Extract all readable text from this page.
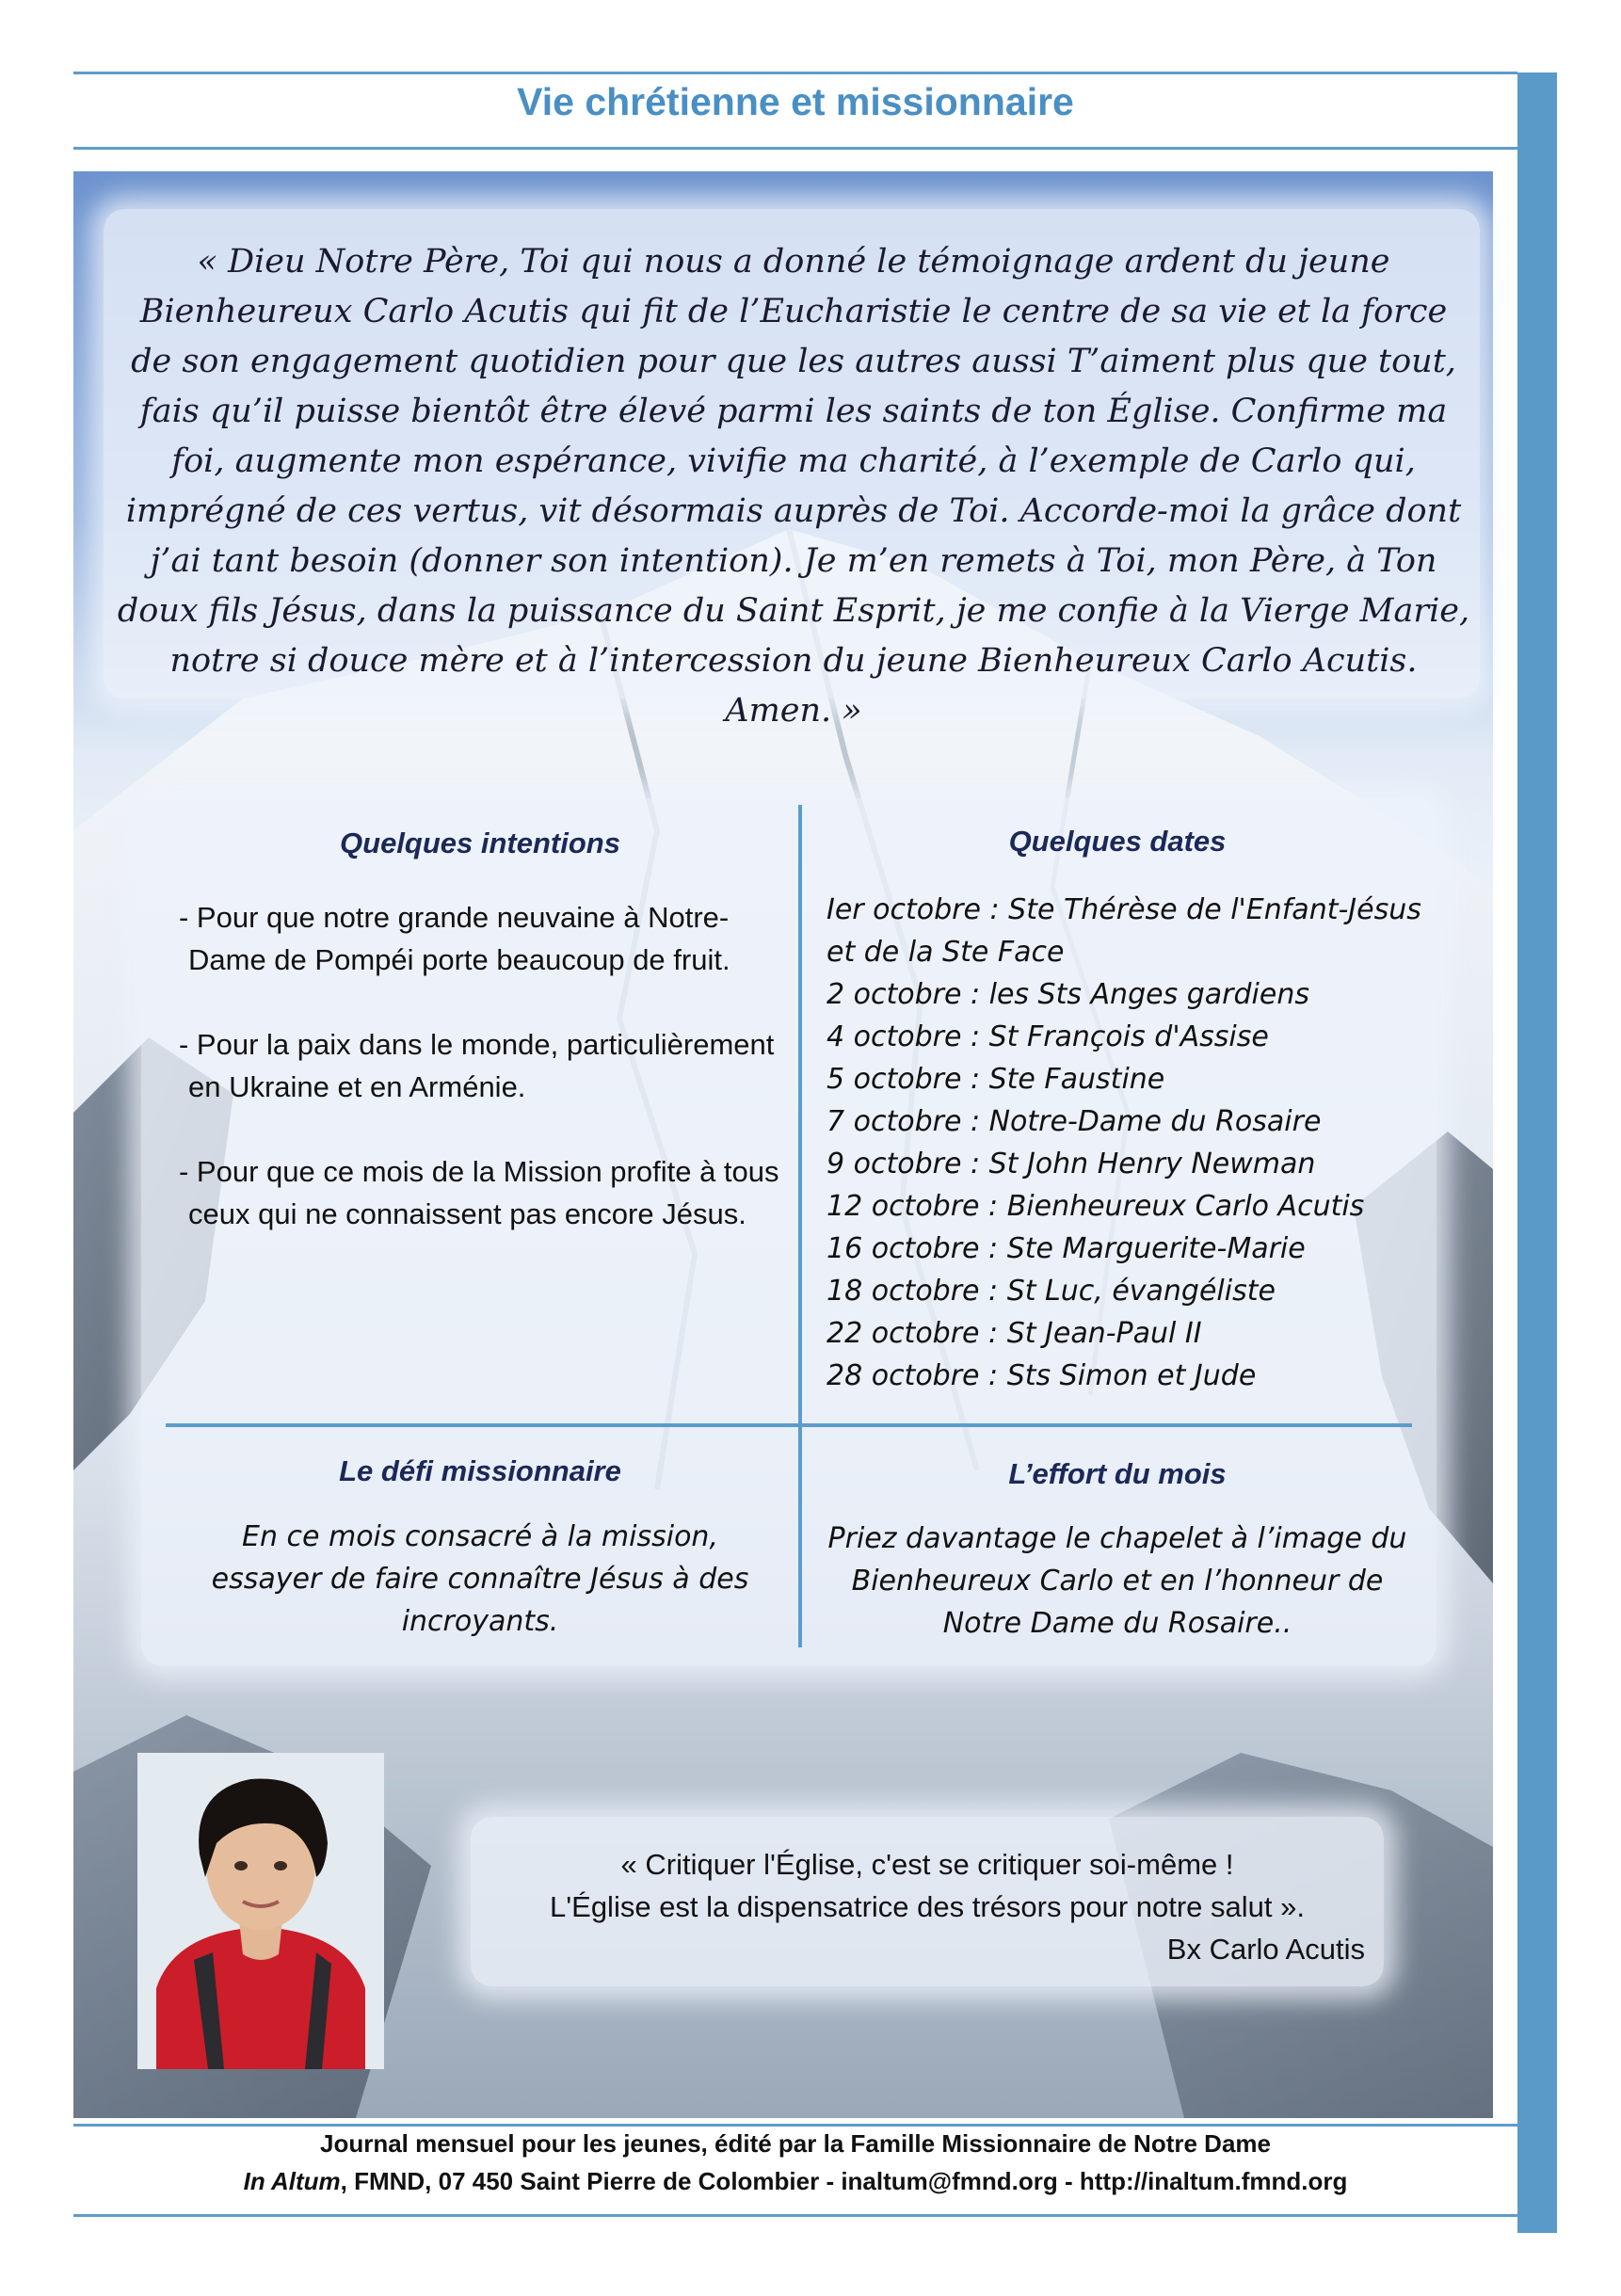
Vie chrétienne et missionnaire

« Dieu Notre Père, Toi qui nous a donné le témoignage ardent du jeune Bienheureux Carlo Acutis qui fit de l’Eucharistie le centre de sa vie et la force de son engagement quotidien pour que les autres aussi T’aiment plus que tout, fais qu’il puisse bientôt être élevé parmi les saints de ton Église. Confirme ma foi, augmente mon espérance, vivifie ma charité, à l’exemple de Carlo qui, imprégné de ces vertus, vit désormais auprès de Toi. Accorde-moi la grâce dont j’ai tant besoin (donner son intention). Je m’en remets à Toi, mon Père, à Ton doux fils Jésus, dans la puissance du Saint Esprit, je me confie à la Vierge Marie, notre si douce mère et à l’intercession du jeune Bienheureux Carlo Acutis. Amen. »

Quelques intentions
- Pour que notre grande neuvaine à Notre-Dame de Pompéi porte beaucoup de fruit.
- Pour la paix dans le monde, particulièrement en Ukraine et en Arménie.
- Pour que ce mois de la Mission profite à tous ceux qui ne connaissent pas encore Jésus.
Quelques dates
Ier octobre : Ste Thérèse de l'Enfant-Jésus et de la Ste Face
2 octobre : les Sts Anges gardiens
4 octobre : St François d'Assise
5 octobre : Ste Faustine
7 octobre : Notre-Dame du Rosaire
9 octobre : St John Henry Newman
12 octobre : Bienheureux Carlo Acutis
16 octobre : Ste Marguerite-Marie
18 octobre : St Luc, évangéliste
22 octobre : St Jean-Paul II
28 octobre : Sts Simon et Jude
Le défi missionnaire

En ce mois consacré à la mission, essayer de faire connaître Jésus à des incroyants.

L’effort du mois

Priez davantage le chapelet à l’image du Bienheureux Carlo et en l’honneur de Notre Dame du Rosaire..

« Critiquer l'Église, c'est se critiquer soi-même !
L'Église est la dispensatrice des trésors pour notre salut ».
Bx Carlo Acutis
Journal mensuel pour les jeunes, édité par la Famille Missionnaire de Notre Dame
In Altum, FMND, 07 450 Saint Pierre de Colombier - inaltum@fmnd.org - http://inaltum.fmnd.org
